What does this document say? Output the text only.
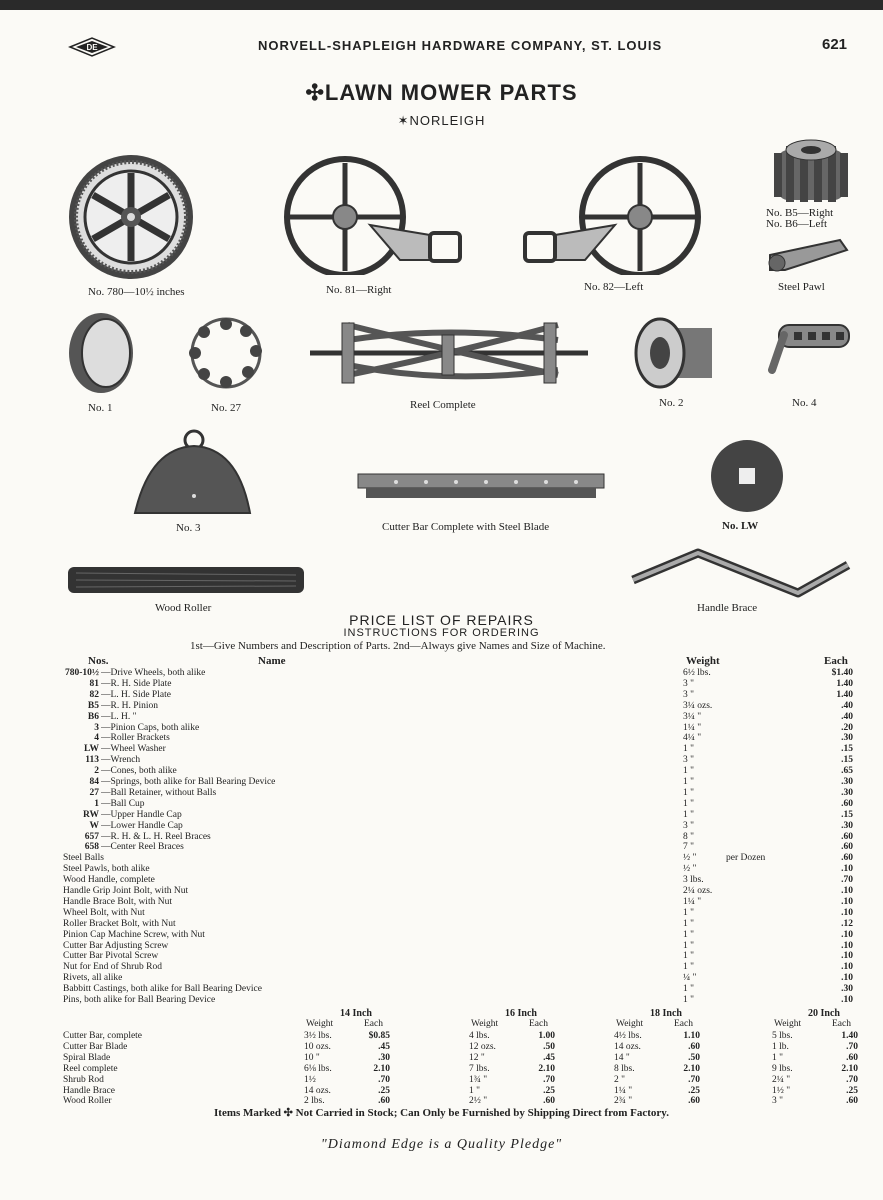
DE	NORVELL-SHAPLEIGH HARDWARE COMPANY, ST. LOUIS	621
✣LAWN MOWER PARTS
✶NORLEIGH
No. 780—10½ inches	No. 81—Right	No. 82—Left
No. B5—Right
No. B6—Left
Steel Pawl
No. 1	No. 27	Reel Complete	No. 2	No. 4
No. 3	Cutter Bar Complete with Steel Blade	No. LW
Wood Roller	Handle Brace
PRICE LIST OF REPAIRS
INSTRUCTIONS FOR ORDERING
1st—Give Numbers and Description of Parts. 2nd—Always give Names and Size of Machine.
Nos.	Name	Weight	Each
780-10½ —Drive Wheels, both alike	6½ lbs.	$1.40
81 —R. H. Side Plate	3 "	1.40
82 —L. H. Side Plate	3 "	1.40
B5 —R. H. Pinion	3¼ ozs.	.40
B6 —L. H. "	3¼ "	.40
3 —Pinion Caps, both alike	1¼ "	.20
4 —Roller Brackets	4¼ "	.30
LW —Wheel Washer	1 "	.15
113 —Wrench	3 "	.15
2 —Cones, both alike	1 "	.65
84 —Springs, both alike for Ball Bearing Device	1 "	.30
27 —Ball Retainer, without Balls	1 "	.30
1 —Ball Cup	1 "	.60
RW —Upper Handle Cap	1 "	.15
W —Lower Handle Cap	3 "	.30
657 —R. H. & L. H. Reel Braces	8 "	.60
658 —Center Reel Braces	7 "	.60
Steel Balls	½ "	per Dozen	.60
Steel Pawls, both alike	½ "	.10
Wood Handle, complete	3 lbs.	.70
Handle Grip Joint Bolt, with Nut	2¼ ozs.	.10
Handle Brace Bolt, with Nut	1¼ "	.10
Wheel Bolt, with Nut	1 "	.10
Roller Bracket Bolt, with Nut	1 "	.12
Pinion Cap Machine Screw, with Nut	1 "	.10
Cutter Bar Adjusting Screw	1 "	.10
Cutter Bar Pivotal Screw	1 "	.10
Nut for End of Shrub Rod	1 "	.10
Rivets, all alike	¼ "	.10
Babbitt Castings, both alike for Ball Bearing Device	1 "	.30
Pins, both alike for Ball Bearing Device	1 "	.10
14 Inch
Weight	Each
16 Inch
Weight	Each
18 Inch
Weight	Each
20 Inch
Weight	Each
Cutter Bar, complete	3½ lbs.	$0.85	4 lbs.	1.00	4½ lbs.	1.10	5 lbs.	1.40
Cutter Bar Blade	10 ozs.	.45	12 ozs.	.50	14 ozs.	.60	1 lb.	.70
Spiral Blade	10 "	.30	12 "	.45	14 "	.50	1 "	.60
Reel complete	6⅛ lbs.	2.10	7 lbs.	2.10	8 lbs.	2.10	9 lbs.	2.10
Shrub Rod	1½	.70	1¾ "	.70	2 "	.70	2¼ "	.70
Handle Brace	14 ozs.	.25	1 "	.25	1¼ "	.25	1½ "	.25
Wood Roller	2 lbs.	.60	2½ "	.60	2¾ "	.60	3 "	.60
Items Marked ✣ Not Carried in Stock; Can Only be Furnished by Shipping Direct from Factory.
"Diamond Edge is a Quality Pledge"
